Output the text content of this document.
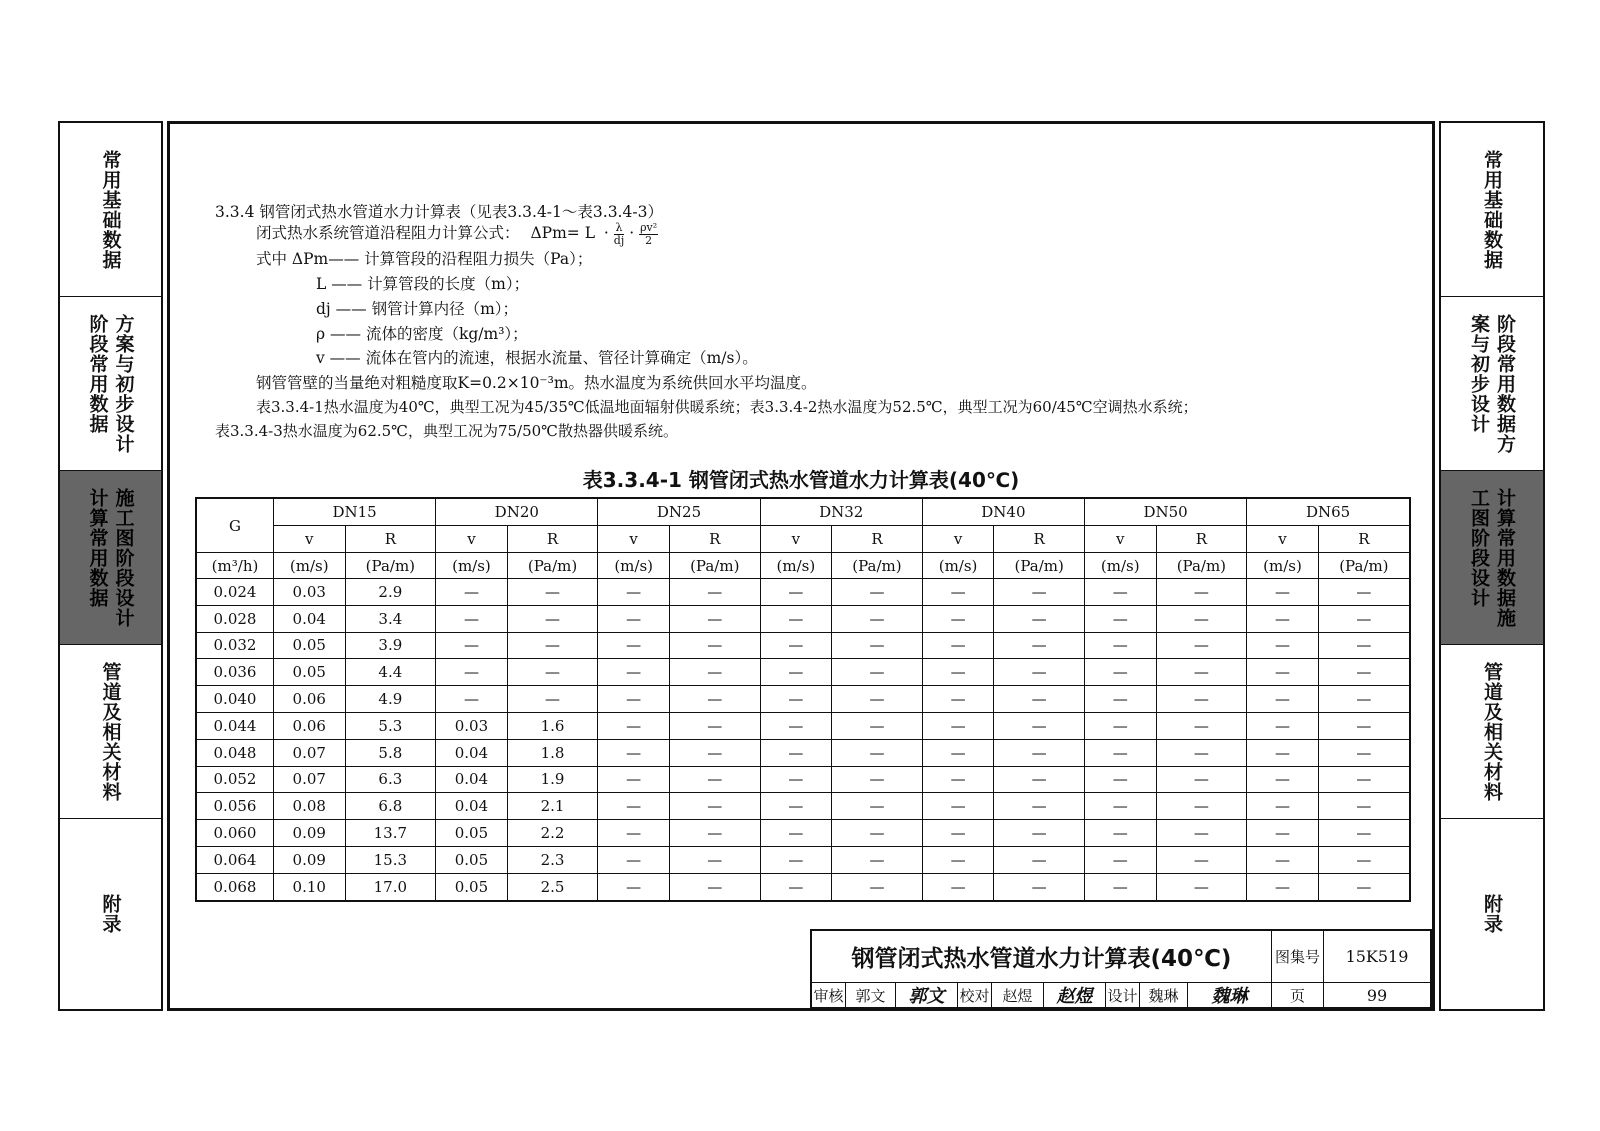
常用基础数据
方案与初步设计阶段常用数据
施工图阶段设计计算常用数据
管道及相关材料
附录
常用基础数据
阶段常用数据方案与初步设计
计算常用数据施工图阶段设计
管道及相关材料
附录
3.3.4 钢管闭式热水管道水力计算表（见表3.3.4-1～表3.3.4-3）
闭式热水系统管道沿程阻力计算公式： $\Delta Pm= L \cdot \frac{\lambda}{dj} \cdot \frac{\text{ρv²}}{2}$
式中 ΔPm—— 计算管段的沿程阻力损失（Pa）；
L —— 计算管段的长度（m）；
dj —— 钢管计算内径（m）；
ρ —— 流体的密度（kg/m³）；
v —— 流体在管内的流速，根据水流量、管径计算确定（m/s）。
钢管管壁的当量绝对粗糙度取K=0.2×10⁻³m。热水温度为系统供回水平均温度。
表3.3.4-1热水温度为40℃，典型工况为45/35℃低温地面辐射供暖系统；表3.3.4-2热水温度为52.5℃，典型工况为60/45℃空调热水系统；
表3.3.4-3热水温度为62.5℃，典型工况为75/50℃散热器供暖系统。
表3.3.4-1 钢管闭式热水管道水力计算表(40℃)
G	DN15		DN20		DN25		DN32		DN40		DN50		DN65	
	v	R	v	R	v	R	v	R	v	R	v	R	v	R
(m³/h)	(m/s)	(Pa/m)	(m/s)	(Pa/m)	(m/s)	(Pa/m)	(m/s)	(Pa/m)	(m/s)	(Pa/m)	(m/s)	(Pa/m)	(m/s)	(Pa/m)
0.024	0.03	2.9	—	—	—	—	—	—	—	—	—	—	—	—
0.028	0.04	3.4	—	—	—	—	—	—	—	—	—	—	—	—
0.032	0.05	3.9	—	—	—	—	—	—	—	—	—	—	—	—
0.036	0.05	4.4	—	—	—	—	—	—	—	—	—	—	—	—
0.040	0.06	4.9	—	—	—	—	—	—	—	—	—	—	—	—
0.044	0.06	5.3	0.03	1.6	—	—	—	—	—	—	—	—	—	—
0.048	0.07	5.8	0.04	1.8	—	—	—	—	—	—	—	—	—	—
0.052	0.07	6.3	0.04	1.9	—	—	—	—	—	—	—	—	—	—
0.056	0.08	6.8	0.04	2.1	—	—	—	—	—	—	—	—	—	—
0.060	0.09	13.7	0.05	2.2	—	—	—	—	—	—	—	—	—	—
0.064	0.09	15.3	0.05	2.3	—	—	—	—	—	—	—	—	—	—
0.068	0.10	17.0	0.05	2.5	—	—	—	—	—	—	—	—	—	—
钢管闭式热水管道水力计算表(40℃)	图集号	15K519
审核 郭文	郭文 校对 赵煜	赵煜 设计 魏琳	魏琳	页	99
